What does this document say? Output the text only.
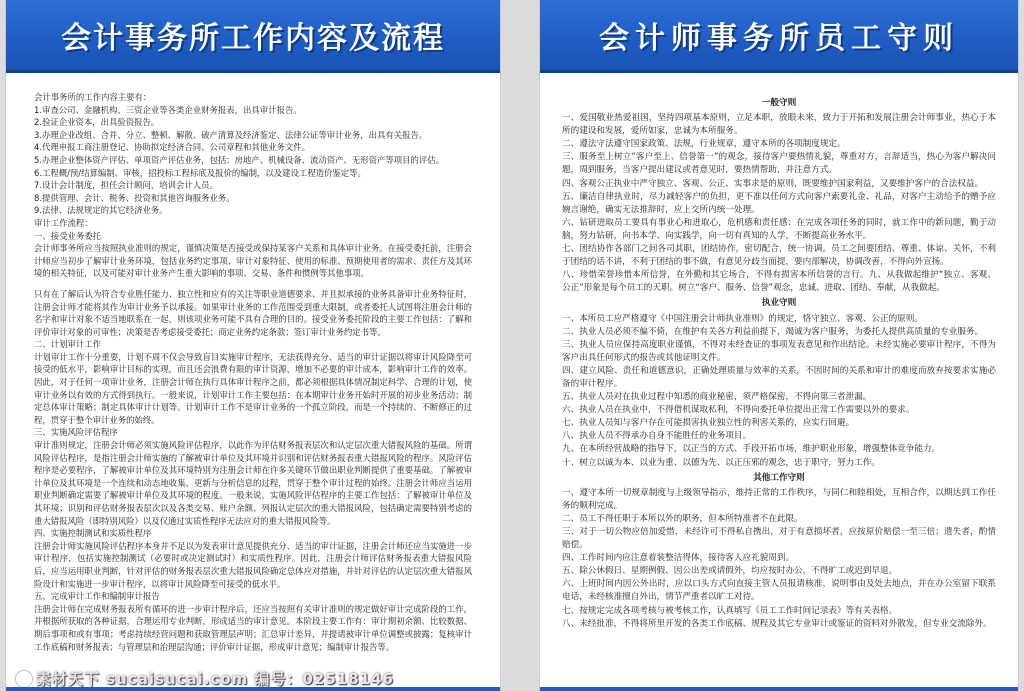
会计事务所工作内容及流程

会计事务所的工作内容主要有：

1.审查公司、金融机构、三资企业等各类企业财务报表，出具审计报告。

2.验证企业资本，出具验资报告。

3.办理企业改组、合并、分立、整顿、解散、破产清算及经济鉴定、法律公证等审计业务，出具有关报告。

4.代理申报工商注册登记、协助拟定经济合同、公司章程和其他业务文件。

5.办理企业整体资产评估、单项资产评估业务，包括：房地产、机械设备、流动资产、无形资产等项目的评估。

6.工程概/预/结算编制、审核，招投标工程标底及报价的编制，以及建设工程造价鉴定等。

7.设计会计制度，担任会计顾问，培训会计人员。

8.提供管理、会计、税务、投资和其他咨询服务业务。

9.法律、法规规定的其它经济业务。

审计工作流程：

一、接受业务委托

会计师事务所应当按照执业准则的规定，谨慎决策是否接受或保持某客户关系和具体审计业务。在接受委托前，注册会计师应当初步了解审计业务环境，包括业务约定事项、审计对象特征、使用的标准、预期使用者的需求、责任方及其环境的相关特征，以及可能对审计业务产生重大影响的事项、交易、条件和惯例等其他事项。

只有在了解后认为符合专业胜任能力、独立性和应有的关注等职业道德要求、并且拟承接的业务具备审计业务特征时，注册会计师才能将其作为审计业务予以承接。如果审计业务的工作范围受到重大限制，或者委托人试图将注册会计师的名字和审计对象不适当地联系在一起，则该项业务可能不具有合理的目的。接受业务委托阶段的主要工作包括：了解和评价审计对象的可审性；决策是否考虑接受委托；商定业务约定条款；签订审计业务约定书等。

二、计划审计工作

计划审计工作十分重要，计划不周不仅会导致盲目实施审计程序，无法获得充分、适当的审计证据以将审计风险降至可接受的低水平，影响审计目标的实现，而且还会浪费有限的审计资源，增加不必要的审计成本，影响审计工作的效率。因此，对于任何一项审计业务，注册会计师在执行具体审计程序之前，都必须根据具体情况制定科学、合理的计划，使审计业务以有效的方式得到执行。一般来说，计划审计工作主要包括：在本期审计业务开始时开展的初步业务活动；制定总体审计策略；制定具体审计计划等。计划审计工作不是审计业务的一个孤立阶段，而是一个持续的、不断修正的过程，贯穿于整个审计业务的始终。

三、实施风险评估程序

审计准则规定，注册会计师必须实施风险评估程序，以此作为评估财务报表层次和认定层次重大错报风险的基础。所谓风险评估程序，是指注册会计师实施的了解被审计单位及其环境并识别和评估财务报表重大错报风险的程序。风险评估程序是必要程序，了解被审计单位及其环境特别为注册会计师在许多关键环节做出职业判断提供了重要基础。了解被审计单位及其环境是一个连续和动态地收集、更新与分析信息的过程，贯穿于整个审计过程的始终。注册会计师应当运用职业判断确定需要了解被审计单位及其环境的程度。一般来说，实施风险评估程序的主要工作包括：了解被审计单位及其环境；识别和评估财务报表层次以及各类交易、账户余额、列报认定层次的重大错报风险，包括确定需要特别考虑的重大错报风险（即特别风险）以及仅通过实质性程序无法应对的重大错报风险等。

四、实施控制测试和实质性程序

注册会计师实施风险评估程序本身并不足以为发表审计意见提供充分、适当的审计证据，注册会计师还应当实施进一步审计程序，包括实施控制测试（必要时或决定测试时）和实质性程序。因此，注册会计师评估财务报表重大错报风险后，应当运用职业判断，针对评估的财务报表层次重大错报风险确定总体应对措施，并针对评估的认定层次重大错报风险设计和实施进一步审计程序，以将审计风险降至可接受的低水平。

五、完成审计工作和编制审计报告

注册会计师在完成财务报表所有循环的进一步审计程序后，还应当按照有关审计准则的规定做好审计完成阶段的工作，并根据所获取的各种证据，合理运用专业判断，形成适当的审计意见。本阶段主要工作有：审计期初余额、比较数据、期后事项和或有事项；考虑持续经营问题和获取管理层声明；汇总审计差异，并提请被审计单位调整或披露；复核审计工作底稿和财务报表；与管理层和治理层沟通；评价审计证据，形成审计意见；编制审计报告等。

素材天下 sucaisucai.com 编号：02518146
会计师事务所员工守则

一般守则

一、爱国敬业热爱祖国，坚持四项基本原则，立足本职，放眼未来，致力于开拓和发展注册会计师事业，热心于本所的建设和发展，爱所如家，忠诚为本所服务。

二、遵法守法遵守国家政策、法规，行业规章，遵守本所的各项制度规定。

三、服务至上树立“客户至上、信誉第一”的观念，接待客户要热情礼貌，尊重对方，言辞适当，热心为客户解决问题，周到服务，当客户提出建议或者意见时，要热情帮助，并注意方式。

四、客观公正执业中严守独立、客观、公正、实事求是的原则，既要维护国家利益，又要维护客户的合法权益。

五、廉洁自律执业时，尽力减轻客户的负担，更不准以任何方式向客户索要礼金、礼品，对客户主动给予的赠予应婉言谢绝，确实无法推辞时，应上交所内统一处理。

六、钻研进取员工要具有事业心和进取心，危机感和责任感；在完成各项任务的同时，就工作中的新问题，勤于动脑，努力钻研，向书本学、向实践学，向一切有真知的人学，不断提高业务水平。

七、团结协作各部门之间各司其职，团结协作，密切配合，统一协调。员工之间要团结、尊重、体谅、关怀，不利于团结的话不讲，不利于团结的事不做，有意见分歧当面提，要内部解决，协调改善，不得向外宣扬。

八、珍惜荣誉珍惜本所信誉，在外勤和其它场合，不得有损害本所信誉的言行。九、从我做起维护“独立、客观、公正”形象是每个员工的天职。树立“客户、服务、信誉”观念，忠诚、进取、团结、奉献，从我做起。

执业守则

一、本所员工应严格遵守《中国注册会计师执业准则》的规定，恪守独立、客观、公正的原则。

二、执业人员必须不偏不倚，在维护有关各方利益前提下，竭诚为客户服务，为委托人提供高质量的专业服务。

三、执业人员应保持高度职业谨慎，不得对未经查证的事项发表意见和作出结论。未经实施必要审计程序，不得为客户出具任何形式的报告或其他证明文件。

四、建立风险、责任和道德意识，正确处理质量与效率的关系，不因时间的关系和审计的难度而放弃按要求实施必备的审计程序。

五、执业人员对在执业过程中知悉的商业秘密，须严格保密，不得向第三者泄漏。

六、执业人员在执业中，不得借机谋取私利，不得向委托单位提出正常工作需要以外的要求。

七、执业人员知与客户存在可能损害执业独立性的利害关系的，应实行回避。

八、执业人员不得承办自身不能胜任的业务项目。

九、在本所经营战略的指导下，以正当的方式、手段开拓市场，维护职业形象，增强整体竞争能力。

十、树立以诚为本、以业为重、以德为先、以正压邪的观念，忠于职守，努力工作。

其他工作守则

一、遵守本所一切规章制度与上级领导指示，维持正常的工作秩序，与同仁和睦相处，互相合作，以期达到工作任务的顺利完成。

二、员工不得任职于本所以外的职务，但本所特准者不在此限。

三、对于一切公物应倍加爱惜，未经许可不得私自携出，对于有意损坏者，应按原价赔偿一至三倍；遗失者，酌情赔偿。

四、工作时间内应注意着装整洁得体，接待客人应礼貌周到。

五、除公休假日、星期例假、因公出差或请假外，均应按时办公，不得旷工或迟到早退。

六、上班时间内因公外出时，应以口头方式向直接主管人员报请核准，说明事由及处去地点，并在办公室留下联系电话，未经核准擅自外出，情节严重者以旷工对待。

七、按规定完成各项考核与被考核工作，认真填写《员工工作时间记录表》等有关表格。

八、未经批准，不得将所里开发的各类工作底稿、规程及其它专业审计或鉴证的资料对外散发，但专业交流除外。
